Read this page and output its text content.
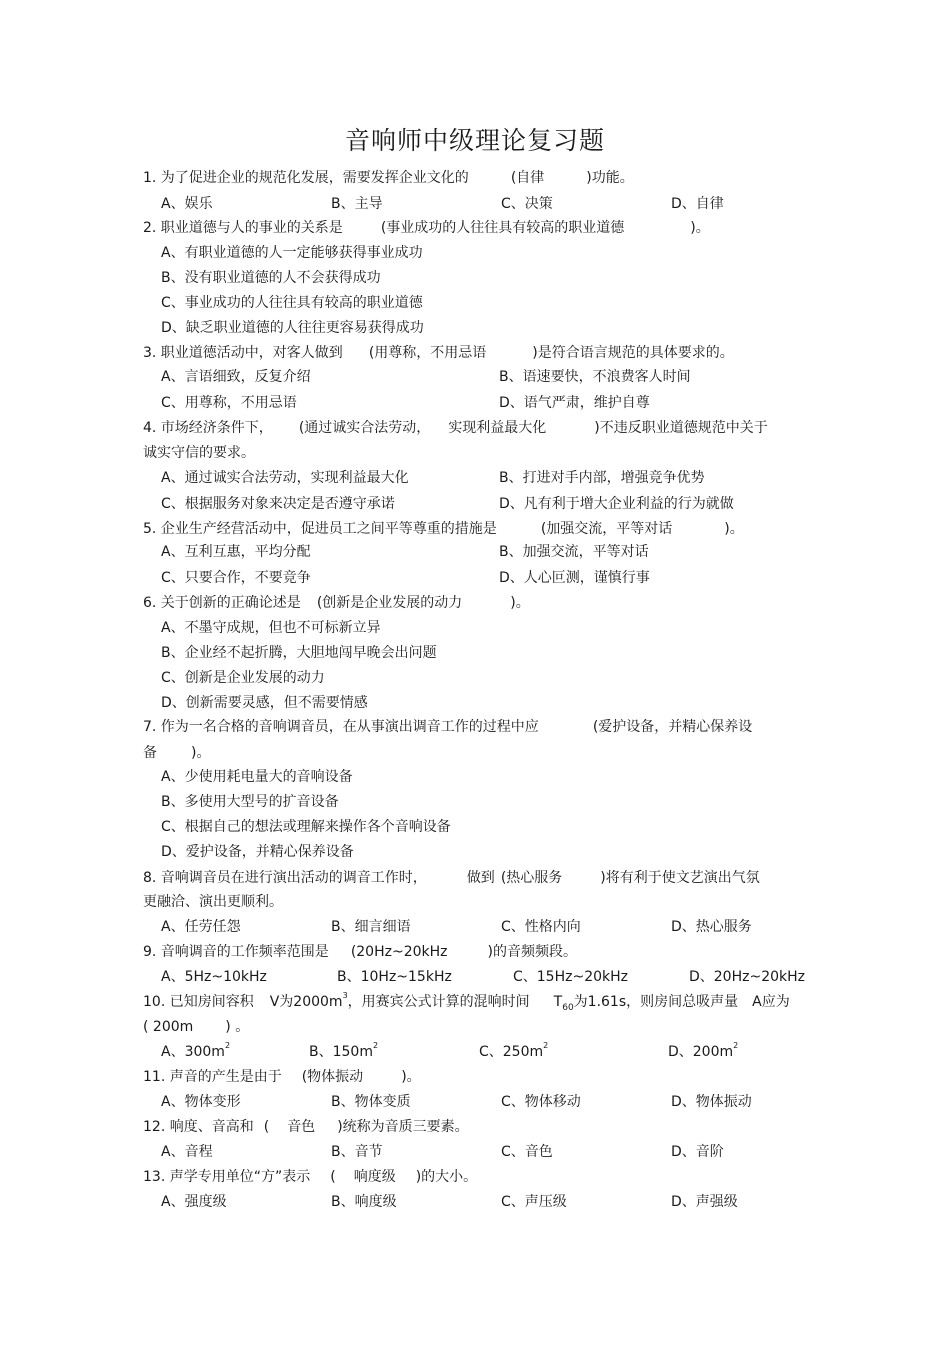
音响师中级理论复习题
1. 为了促进企业的规范化发展，需要发挥企业文化的	(自律	)功能。
A、娱乐	B、主导	C、决策	D、自律
2. 职业道德与人的事业的关系是	(事业成功的人往往具有较高的职业道德	)。
A、有职业道德的人一定能够获得事业成功
B、没有职业道德的人不会获得成功
C、事业成功的人往往具有较高的职业道德
D、缺乏职业道德的人往往更容易获得成功
3. 职业道德活动中，对客人做到 (用尊称，不用忌语	)是符合语言规范的具体要求的。
A、言语细致，反复介绍	B、语速要快，不浪费客人时间
C、用尊称，不用忌语	D、语气严肃，维护自尊
4. 市场经济条件下， (通过诚实合法劳动， 实现利益最大化	)不违反职业道德规范中关于
诚实守信的要求。
A、通过诚实合法劳动，实现利益最大化	B、打进对手内部，增强竞争优势
C、根据服务对象来决定是否遵守承诺	D、凡有利于增大企业利益的行为就做
5. 企业生产经营活动中，促进员工之间平等尊重的措施是	(加强交流，平等对话	)。
A、互利互惠，平均分配	B、加强交流，平等对话
C、只要合作，不要竞争	D、人心叵测，谨慎行事
6. 关于创新的正确论述是 (创新是企业发展的动力	)。
A、不墨守成规，但也不可标新立异
B、企业经不起折腾，大胆地闯早晚会出问题
C、创新是企业发展的动力
D、创新需要灵感，但不需要情感
7. 作为一名合格的音响调音员，在从事演出调音工作的过程中应	(爱护设备，并精心保养设
备 )。
A、少使用耗电量大的音响设备
B、多使用大型号的扩音设备
C、根据自己的想法或理解来操作各个音响设备
D、爱护设备，并精心保养设备
8. 音响调音员在进行演出活动的调音工作时，	做到 (热心服务	)将有利于使文艺演出气氛
更融洽、演出更顺利。
A、任劳任怨	B、细言细语	C、性格内向	D、热心服务
9. 音响调音的工作频率范围是 (20Hz~20kHz	)的音频频段。
A、5Hz~10kHz	B、10Hz~15kHz	C、15Hz~20kHz	D、20Hz~20kHz
10. 已知房间容积 V为$2000m^3$，用赛宾公式计算的混响时间 $T_{60}$为1.61s，则房间总吸声量 A应为
( 200m ) 。
A、$300m^2$	B、$150m^2$	C、$250m^2$	D、$200m^2$
11. 声音的产生是由于 (物体振动	)。
A、物体变形	B、物体变质	C、物体移动	D、物体振动
12. 响度、音高和 ( 音色 )统称为音质三要素。
A、音程	B、音节	C、音色	D、音阶
13. 声学专用单位“方”表示 ( 响度级 )的大小。
A、强度级	B、响度级	C、声压级	D、声强级
